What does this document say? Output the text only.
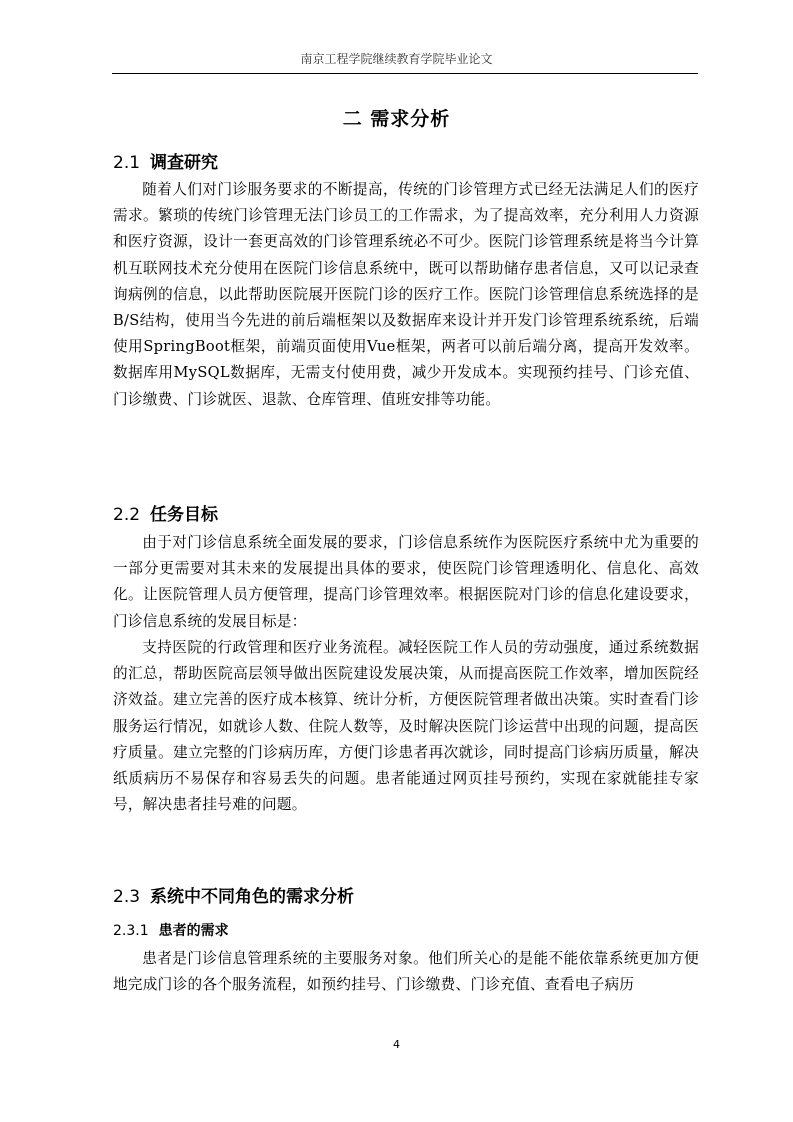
南京工程学院继续教育学院毕业论文
二 需求分析
2.1 调查研究

随着人们对门诊服务要求的不断提高，传统的门诊管理方式已经无法满足人们的医疗需求。繁琐的传统门诊管理无法门诊员工的工作需求，为了提高效率，充分利用人力资源和医疗资源，设计一套更高效的门诊管理系统必不可少。医院门诊管理系统是将当今计算机互联网技术充分使用在医院门诊信息系统中，既可以帮助储存患者信息，又可以记录查询病例的信息，以此帮助医院展开医院门诊的医疗工作。医院门诊管理信息系统选择的是B/S结构，使用当今先进的前后端框架以及数据库来设计并开发门诊管理系统系统，后端使用SpringBoot框架，前端页面使用Vue框架，两者可以前后端分离，提高开发效率。数据库用MySQL数据库，无需支付使用费，减少开发成本。实现预约挂号、门诊充值、门诊缴费、门诊就医、退款、仓库管理、值班安排等功能。

2.2 任务目标

由于对门诊信息系统全面发展的要求，门诊信息系统作为医院医疗系统中尤为重要的一部分更需要对其未来的发展提出具体的要求，使医院门诊管理透明化、信息化、高效化。让医院管理人员方便管理，提高门诊管理效率。根据医院对门诊的信息化建设要求，门诊信息系统的发展目标是：

支持医院的行政管理和医疗业务流程。减轻医院工作人员的劳动强度，通过系统数据的汇总，帮助医院高层领导做出医院建设发展决策，从而提高医院工作效率，增加医院经济效益。建立完善的医疗成本核算、统计分析，方便医院管理者做出决策。实时查看门诊服务运行情况，如就诊人数、住院人数等，及时解决医院门诊运营中出现的问题，提高医疗质量。建立完整的门诊病历库，方便门诊患者再次就诊，同时提高门诊病历质量，解决纸质病历不易保存和容易丢失的问题。患者能通过网页挂号预约，实现在家就能挂专家号，解决患者挂号难的问题。

2.3 系统中不同角色的需求分析
2.3.1 患者的需求

患者是门诊信息管理系统的主要服务对象。他们所关心的是能不能依靠系统更加方便地完成门诊的各个服务流程，如预约挂号、门诊缴费、门诊充值、查看电子病历

4
